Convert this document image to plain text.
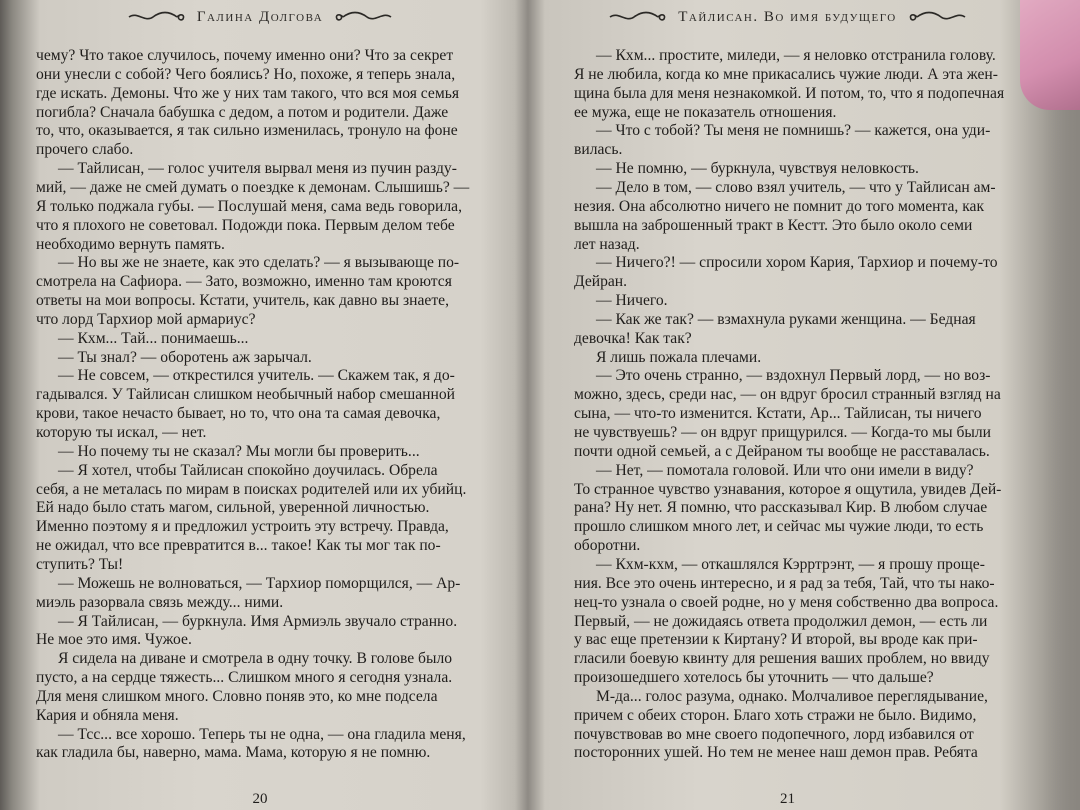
Галина Долгова
чему? Что такое случилось, почему именно они? Что за секрет
они унесли с собой? Чего боялись? Но, похоже, я теперь знала,
где искать. Демоны. Что же у них там такого, что вся моя семья
погибла? Сначала бабушка с дедом, а потом и родители. Даже
то, что, оказывается, я так сильно изменилась, тронуло на фоне
прочего слабо.
— Тайлисан, — голос учителя вырвал меня из пучин разду-
мий, — даже не смей думать о поездке к демонам. Слышишь? —
Я только поджала губы. — Послушай меня, сама ведь говорила,
что я плохого не советовал. Подожди пока. Первым делом тебе
необходимо вернуть память.
— Но вы же не знаете, как это сделать? — я вызывающе по-
смотрела на Сафиора. — Зато, возможно, именно там кроются
ответы на мои вопросы. Кстати, учитель, как давно вы знаете,
что лорд Тархиор мой армариус?
— Кхм... Тай... понимаешь...
— Ты знал? — оборотень аж зарычал.
— Не совсем, — открестился учитель. — Скажем так, я до-
гадывался. У Тайлисан слишком необычный набор смешанной
крови, такое нечасто бывает, но то, что она та самая девочка,
которую ты искал, — нет.
— Но почему ты не сказал? Мы могли бы проверить...
— Я хотел, чтобы Тайлисан спокойно доучилась. Обрела
себя, а не металась по мирам в поисках родителей или их убийц.
Ей надо было стать магом, сильной, уверенной личностью.
Именно поэтому я и предложил устроить эту встречу. Правда,
не ожидал, что все превратится в... такое! Как ты мог так по-
ступить? Ты!
— Можешь не волноваться, — Тархиор поморщился, — Ар-
миэль разорвала связь между... ними.
— Я Тайлисан, — буркнула. Имя Армиэль звучало странно.
Не мое это имя. Чужое.
Я сидела на диване и смотрела в одну точку. В голове было
пусто, а на сердце тяжесть... Слишком много я сегодня узнала.
Для меня слишком много. Словно поняв это, ко мне подсела
Кария и обняла меня.
— Тсс... все хорошо. Теперь ты не одна, — она гладила меня,
как гладила бы, наверно, мама. Мама, которую я не помню.
20
Тайлисан. Во имя будущего
— Кхм... простите, миледи, — я неловко отстранила голову.
Я не любила, когда ко мне прикасались чужие люди. А эта жен-
щина была для меня незнакомкой. И потом, то, что я подопечная
ее мужа, еще не показатель отношения.
— Что с тобой? Ты меня не помнишь? — кажется, она уди-
вилась.
— Не помню, — буркнула, чувствуя неловкость.
— Дело в том, — слово взял учитель, — что у Тайлисан ам-
незия. Она абсолютно ничего не помнит до того момента, как
вышла на заброшенный тракт в Кестт. Это было около семи
лет назад.
— Ничего?! — спросили хором Кария, Тархиор и почему-то
Дейран.
— Ничего.
— Как же так? — взмахнула руками женщина. — Бедная
девочка! Как так?
Я лишь пожала плечами.
— Это очень странно, — вздохнул Первый лорд, — но воз-
можно, здесь, среди нас, — он вдруг бросил странный взгляд на
сына, — что-то изменится. Кстати, Ар... Тайлисан, ты ничего
не чувствуешь? — он вдруг прищурился. — Когда-то мы были
почти одной семьей, а с Дейраном ты вообще не расставалась.
— Нет, — помотала головой. Или что они имели в виду?
То странное чувство узнавания, которое я ощутила, увидев Дей-
рана? Ну нет. Я помню, что рассказывал Кир. В любом случае
прошло слишком много лет, и сейчас мы чужие люди, то есть
оборотни.
— Кхм-кхм, — откашлялся Кэрртрэнт, — я прошу проще-
ния. Все это очень интересно, и я рад за тебя, Тай, что ты нако-
нец-то узнала о своей родне, но у меня собственно два вопроса.
Первый, — не дожидаясь ответа продолжил демон, — есть ли
у вас еще претензии к Киртану? И второй, вы вроде как при-
гласили боевую квинту для решения ваших проблем, но ввиду
произошедшего хотелось бы уточнить — что дальше?
М-да... голос разума, однако. Молчаливое переглядывание,
причем с обеих сторон. Благо хоть стражи не было. Видимо,
почувствовав во мне своего подопечного, лорд избавился от
посторонних ушей. Но тем не менее наш демон прав. Ребята
21
